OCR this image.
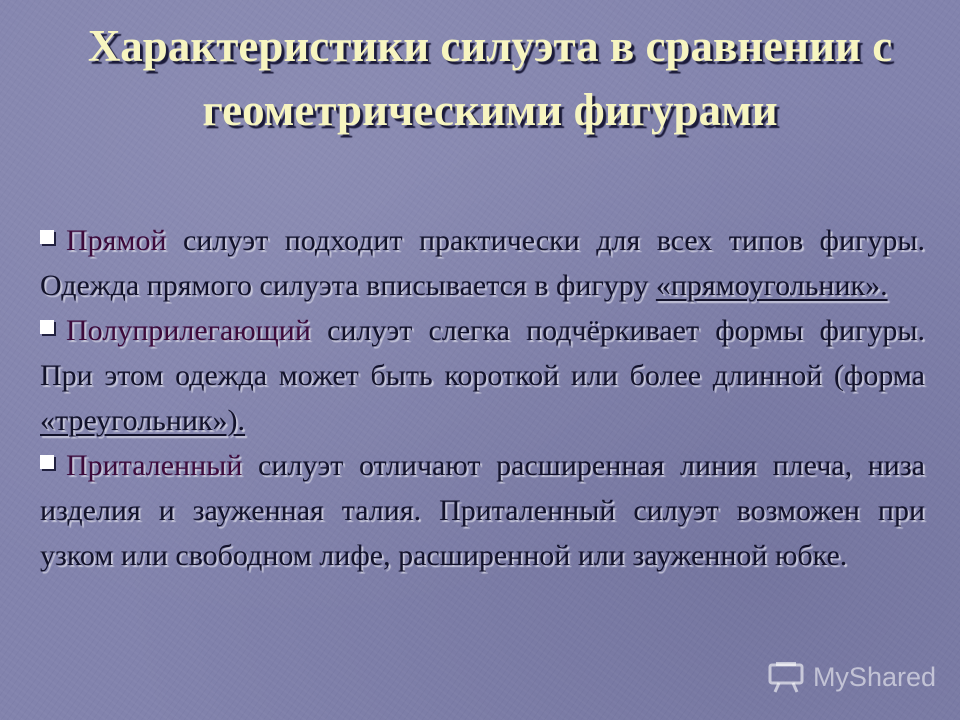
Характеристики силуэта в сравнении с геометрическими фигурами
Прямой силуэт подходит практически для всех типов фигуры. Одежда прямого силуэта вписывается в фигуру «прямоугольник».
Полуприлегающий силуэт слегка подчёркивает формы фигуры. При этом одежда может быть короткой или более длинной (форма «треугольник»).
Приталенный силуэт отличают расширенная линия плеча, низа изделия и зауженная талия. Приталенный силуэт возможен при узком или свободном лифе, расширенной или зауженной юбке.
MyShared
